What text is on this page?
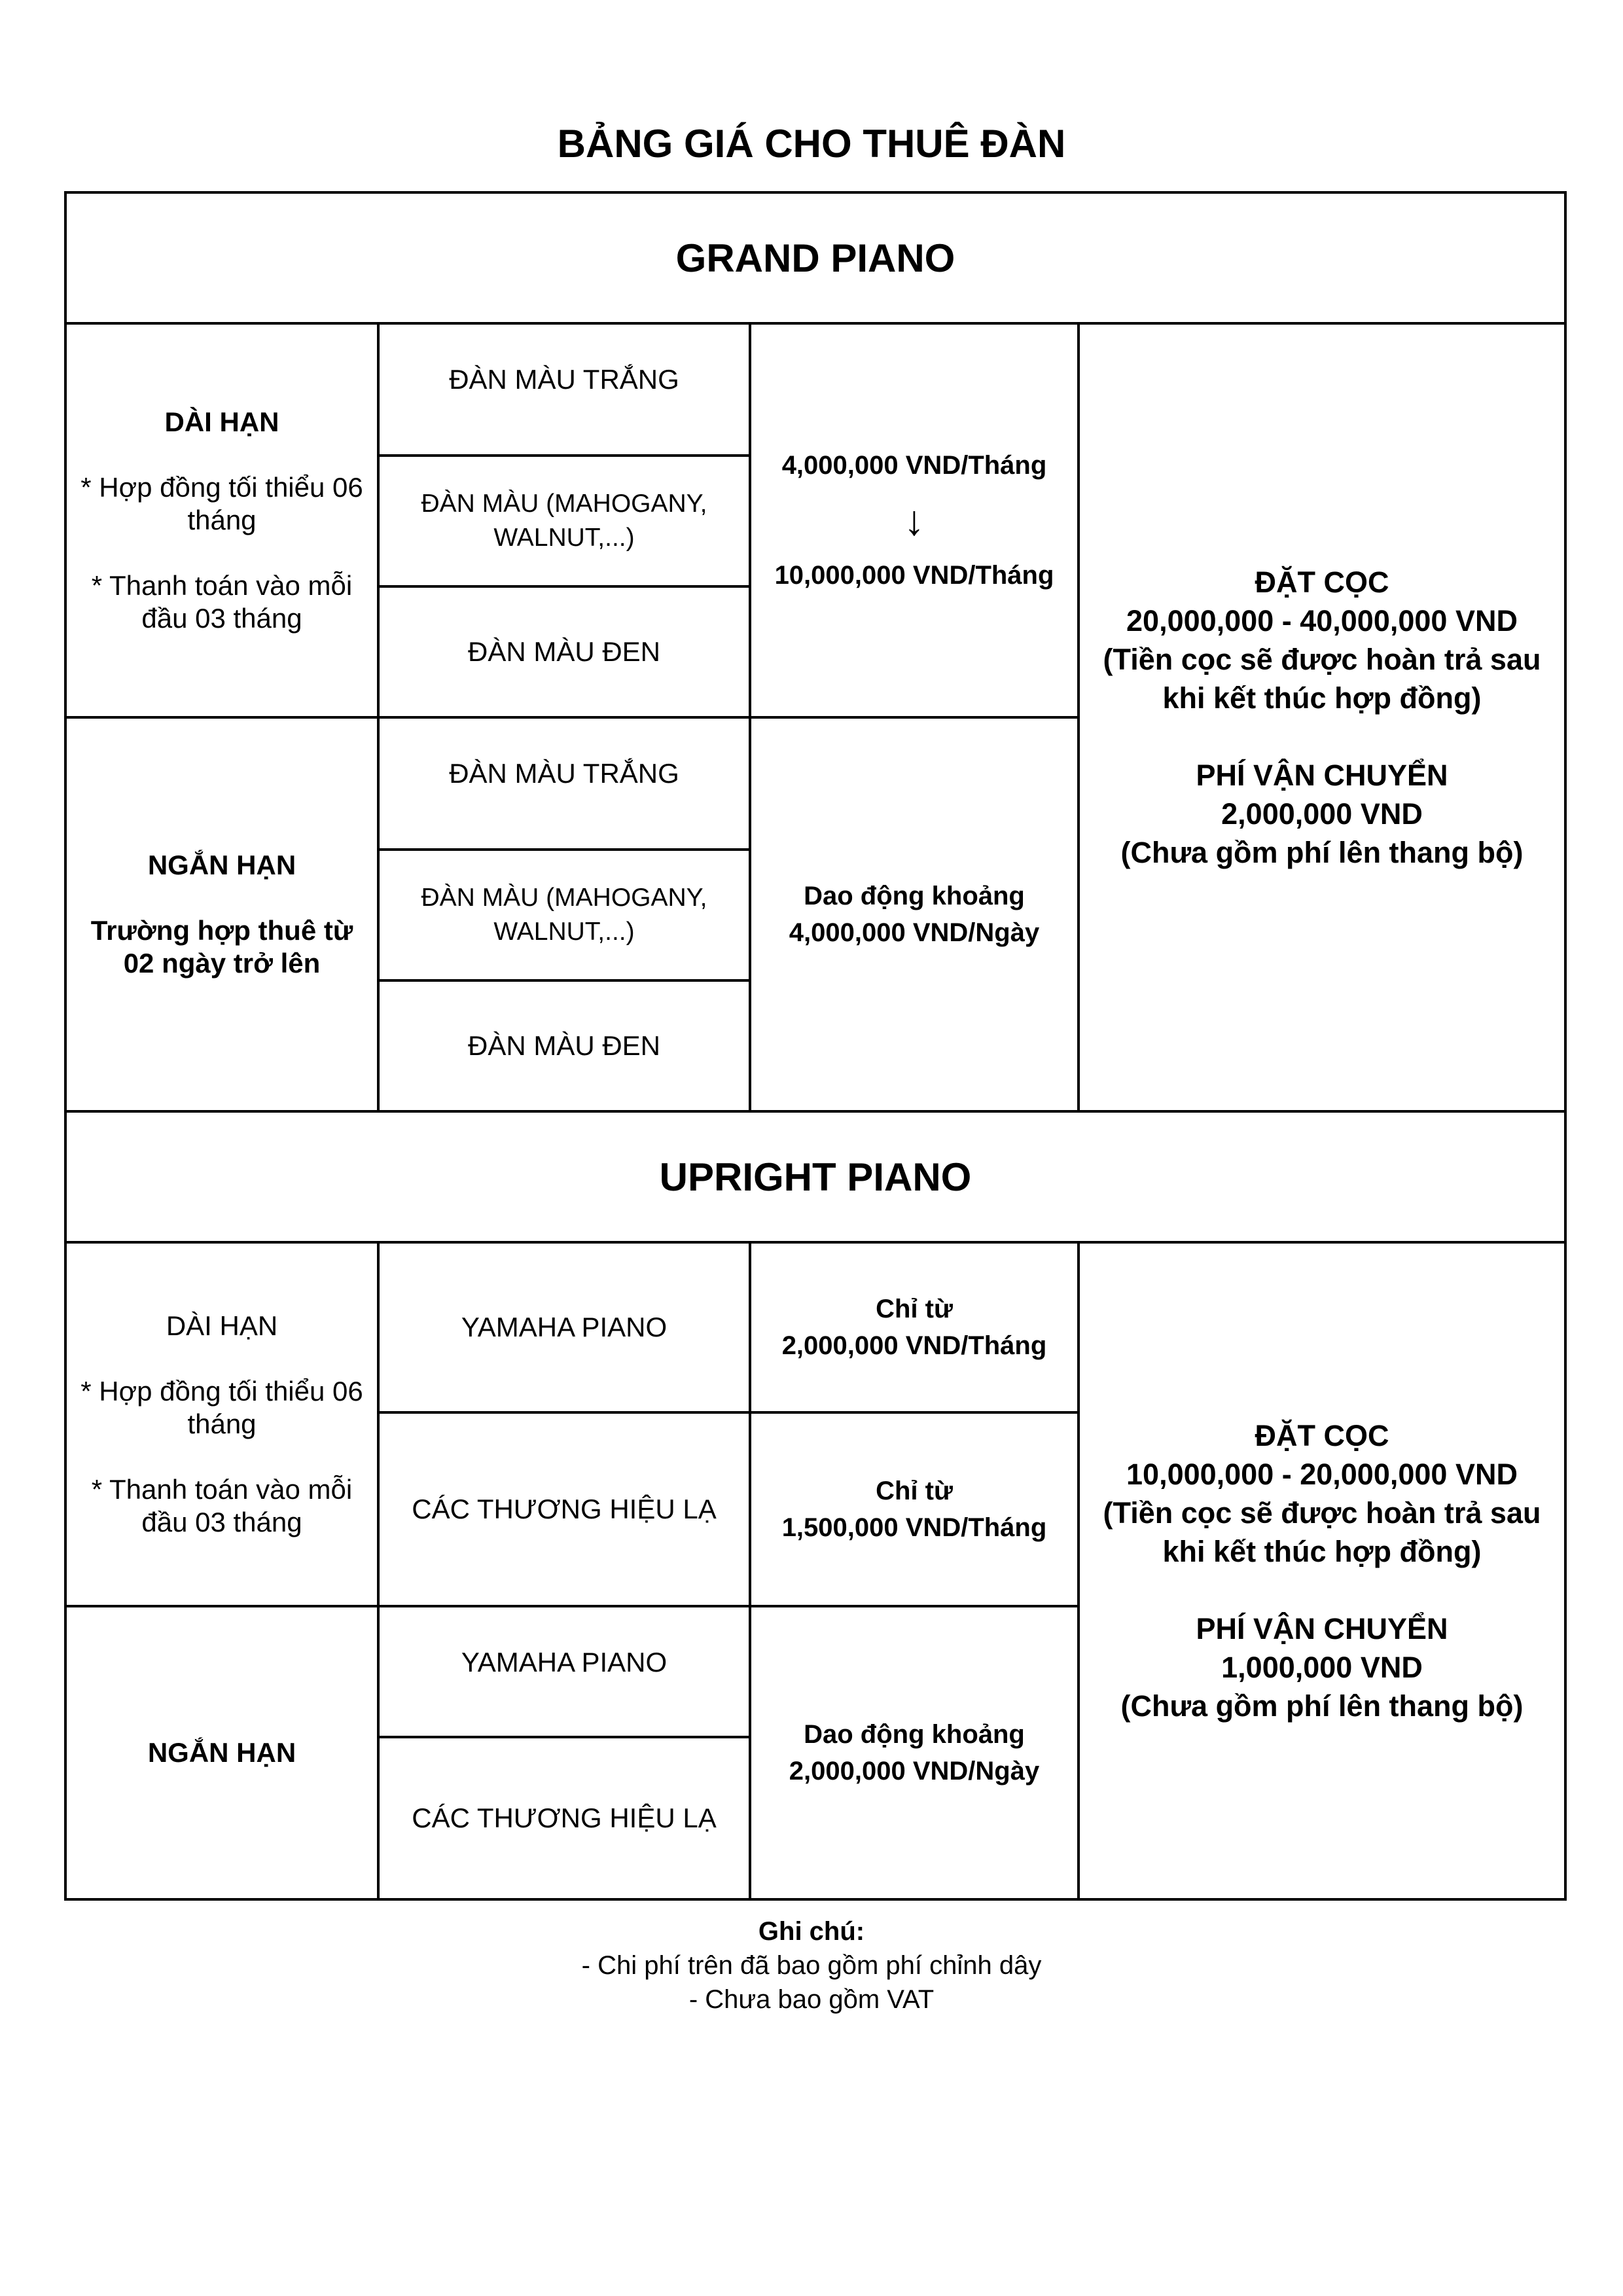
BẢNG GIÁ CHO THUÊ ĐÀN
GRAND PIANO
DÀI HẠN
* Hợp đồng tối thiểu 06 tháng
* Thanh toán vào mỗi đầu 03 tháng
ĐÀN MÀU TRẮNG
ĐÀN MÀU (MAHOGANY, WALNUT,...)
ĐÀN MÀU ĐEN
4,000,000 VND/Tháng
↓
10,000,000 VND/Tháng
NGẮN HẠN
Trường hợp thuê từ 02 ngày trở lên
ĐÀN MÀU TRẮNG
ĐÀN MÀU (MAHOGANY, WALNUT,...)
ĐÀN MÀU ĐEN
Dao động khoảng
4,000,000 VND/Ngày
ĐẶT CỌC
20,000,000 - 40,000,000 VND
(Tiền cọc sẽ được hoàn trả sau khi kết thúc hợp đồng)
PHÍ VẬN CHUYỂN
2,000,000 VND
(Chưa gồm phí lên thang bộ)
UPRIGHT PIANO
DÀI HẠN
* Hợp đồng tối thiểu 06 tháng
* Thanh toán vào mỗi đầu 03 tháng
YAMAHA PIANO
CÁC THƯƠNG HIỆU LẠ
Chỉ từ
2,000,000 VND/Tháng
Chỉ từ
1,500,000 VND/Tháng
NGẮN HẠN
YAMAHA PIANO
CÁC THƯƠNG HIỆU LẠ
Dao động khoảng
2,000,000 VND/Ngày
ĐẶT CỌC
10,000,000 - 20,000,000 VND
(Tiền cọc sẽ được hoàn trả sau khi kết thúc hợp đồng)
PHÍ VẬN CHUYỂN
1,000,000 VND
(Chưa gồm phí lên thang bộ)
Ghi chú:
- Chi phí trên đã bao gồm phí chỉnh dây
- Chưa bao gồm VAT
